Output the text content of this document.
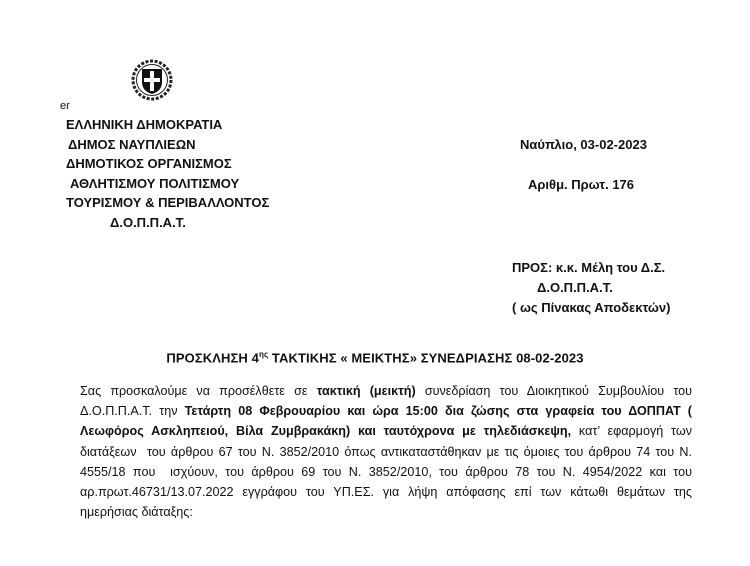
er
ΕΛΛΗΝΙΚΗ ΔΗΜΟΚΡΑΤΙΑ
ΔΗΜΟΣ ΝΑΥΠΛΙΕΩΝ
ΔΗΜΟΤΙΚΟΣ ΟΡΓΑΝΙΣΜΟΣ
ΑΘΛΗΤΙΣΜΟΥ ΠΟΛΙΤΙΣΜΟΥ
ΤΟΥΡΙΣΜΟΥ & ΠΕΡΙΒΑΛΛΟΝΤΟΣ
Δ.Ο.Π.Π.Α.Τ.
Ναύπλιο, 03-02-2023
Αριθμ. Πρωτ. 176
ΠΡΟΣ: κ.κ. Μέλη του Δ.Σ.
Δ.Ο.Π.Π.Α.Τ.
( ως Πίνακας Αποδεκτών)
ΠΡΟΣΚΛΗΣΗ $4^{\eta\varsigma}$ ΤΑΚΤΙΚΗΣ « ΜΕΙΚΤΗΣ» ΣΥΝΕΔΡΙΑΣΗΣ 08-02-2023
Σας προσκαλούμε να προσέλθετε σε τακτική (μεικτή) συνεδρίαση του Διοικητικού Συμβουλίου του Δ.Ο.Π.Π.Α.Τ. την Τετάρτη 08 Φεβρουαρίου και ώρα 15:00 δια ζώσης στα γραφεία του ΔΟΠΠΑΤ ( Λεωφόρος Ασκληπειού, Βίλα Ζυμβρακάκη) και ταυτόχρονα με τηλεδιάσκεψη, κατ’ εφαρμογή των διατάξεων  του άρθρου 67 του Ν. 3852/2010 όπως αντικαταστάθηκαν με τις όμοιες του άρθρου 74 του Ν. 4555/18 που  ισχύουν, του άρθρου 69 του Ν. 3852/2010, του άρθρου 78 του Ν. 4954/2022 και του αρ.πρωτ.46731/13.07.2022 εγγράφου του ΥΠ.ΕΣ. για λήψη απόφασης επί των κάτωθι θεμάτων της ημερήσιας διάταξης:
